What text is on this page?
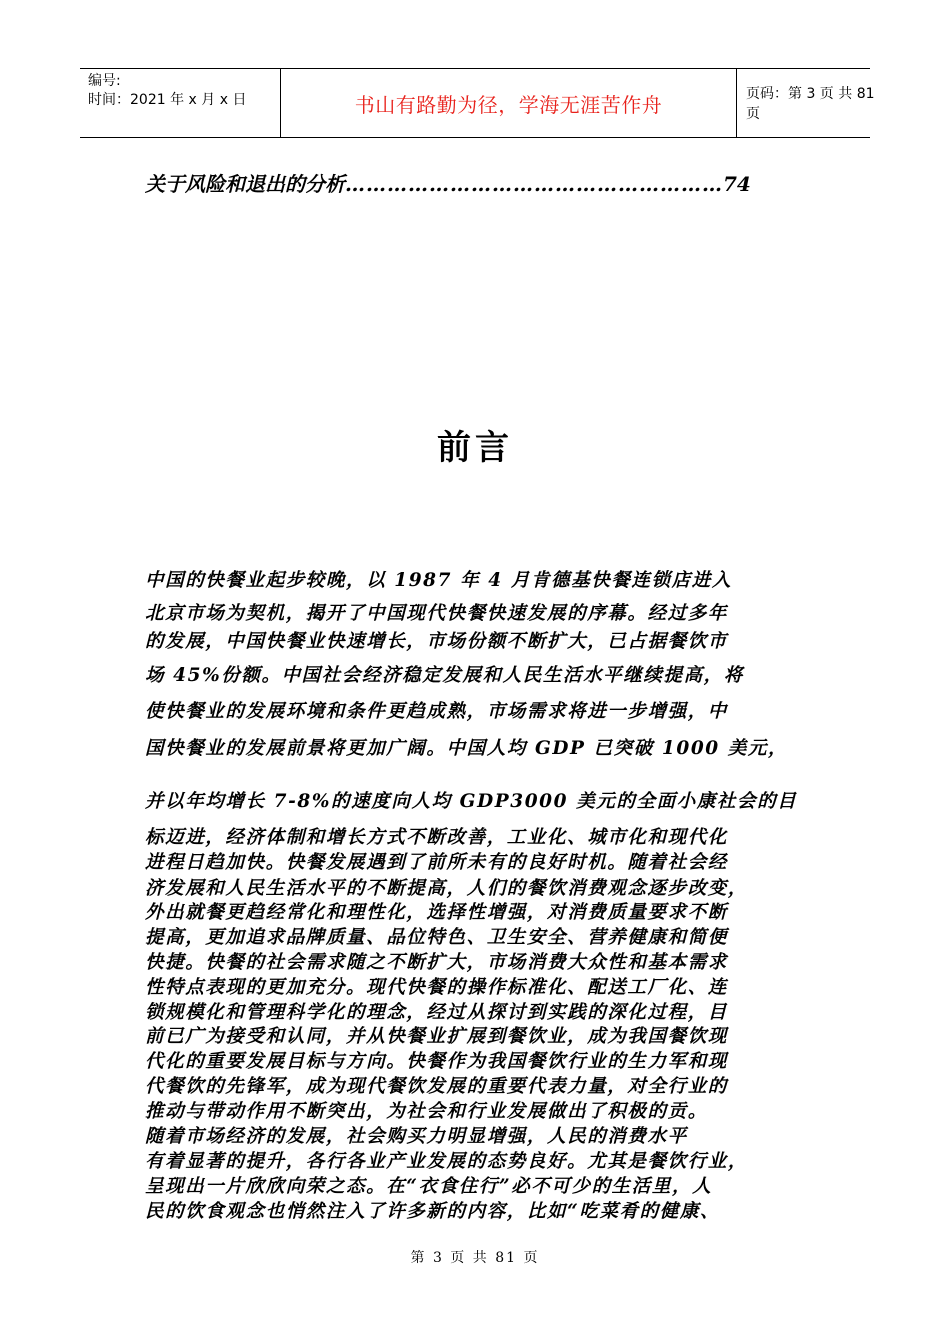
编号:
时间：2021 年 x 月 x 日	书山有路勤为径，学海无涯苦作舟	页码：第 3 页 共 81 页
关于风险和退出的分析 ……………………………………………… 74
前言
中国的快餐业起步较晚，以 1987 年 4 月肯德基快餐连锁店进入
北京市场为契机，揭开了中国现代快餐快速发展的序幕。经过多年
的发展，中国快餐业快速增长，市场份额不断扩大，已占据餐饮市
场 45%份额。中国社会经济稳定发展和人民生活水平继续提高，将
使快餐业的发展环境和条件更趋成熟，市场需求将进一步增强，中
国快餐业的发展前景将更加广阔。中国人均 GDP 已突破 1000 美元，
并以年均增长 7-8%的速度向人均 GDP3000 美元的全面小康社会的目
标迈进，经济体制和增长方式不断改善，工业化、城市化和现代化
进程日趋加快。快餐发展遇到了前所未有的良好时机。随着社会经
济发展和人民生活水平的不断提高，人们的餐饮消费观念逐步改变，
外出就餐更趋经常化和理性化，选择性增强，对消费质量要求不断
提高，更加追求品牌质量、品位特色、卫生安全、营养健康和简便
快捷。快餐的社会需求随之不断扩大，市场消费大众性和基本需求
性特点表现的更加充分。现代快餐的操作标准化、配送工厂化、连
锁规模化和管理科学化的理念，经过从探讨到实践的深化过程，目
前已广为接受和认同，并从快餐业扩展到餐饮业，成为我国餐饮现
代化的重要发展目标与方向。快餐作为我国餐饮行业的生力军和现
代餐饮的先锋军，成为现代餐饮发展的重要代表力量，对全行业的
推动与带动作用不断突出，为社会和行业发展做出了积极的贡。
随着市场经济的发展，社会购买力明显增强，人民的消费水平
有着显著的提升，各行各业产业发展的态势良好。尤其是餐饮行业，
呈现出一片欣欣向荣之态。在“衣食住行”必不可少的生活里，人
民的饮食观念也悄然注入了许多新的内容，比如“吃菜肴的健康、
第 3 页 共 81 页
